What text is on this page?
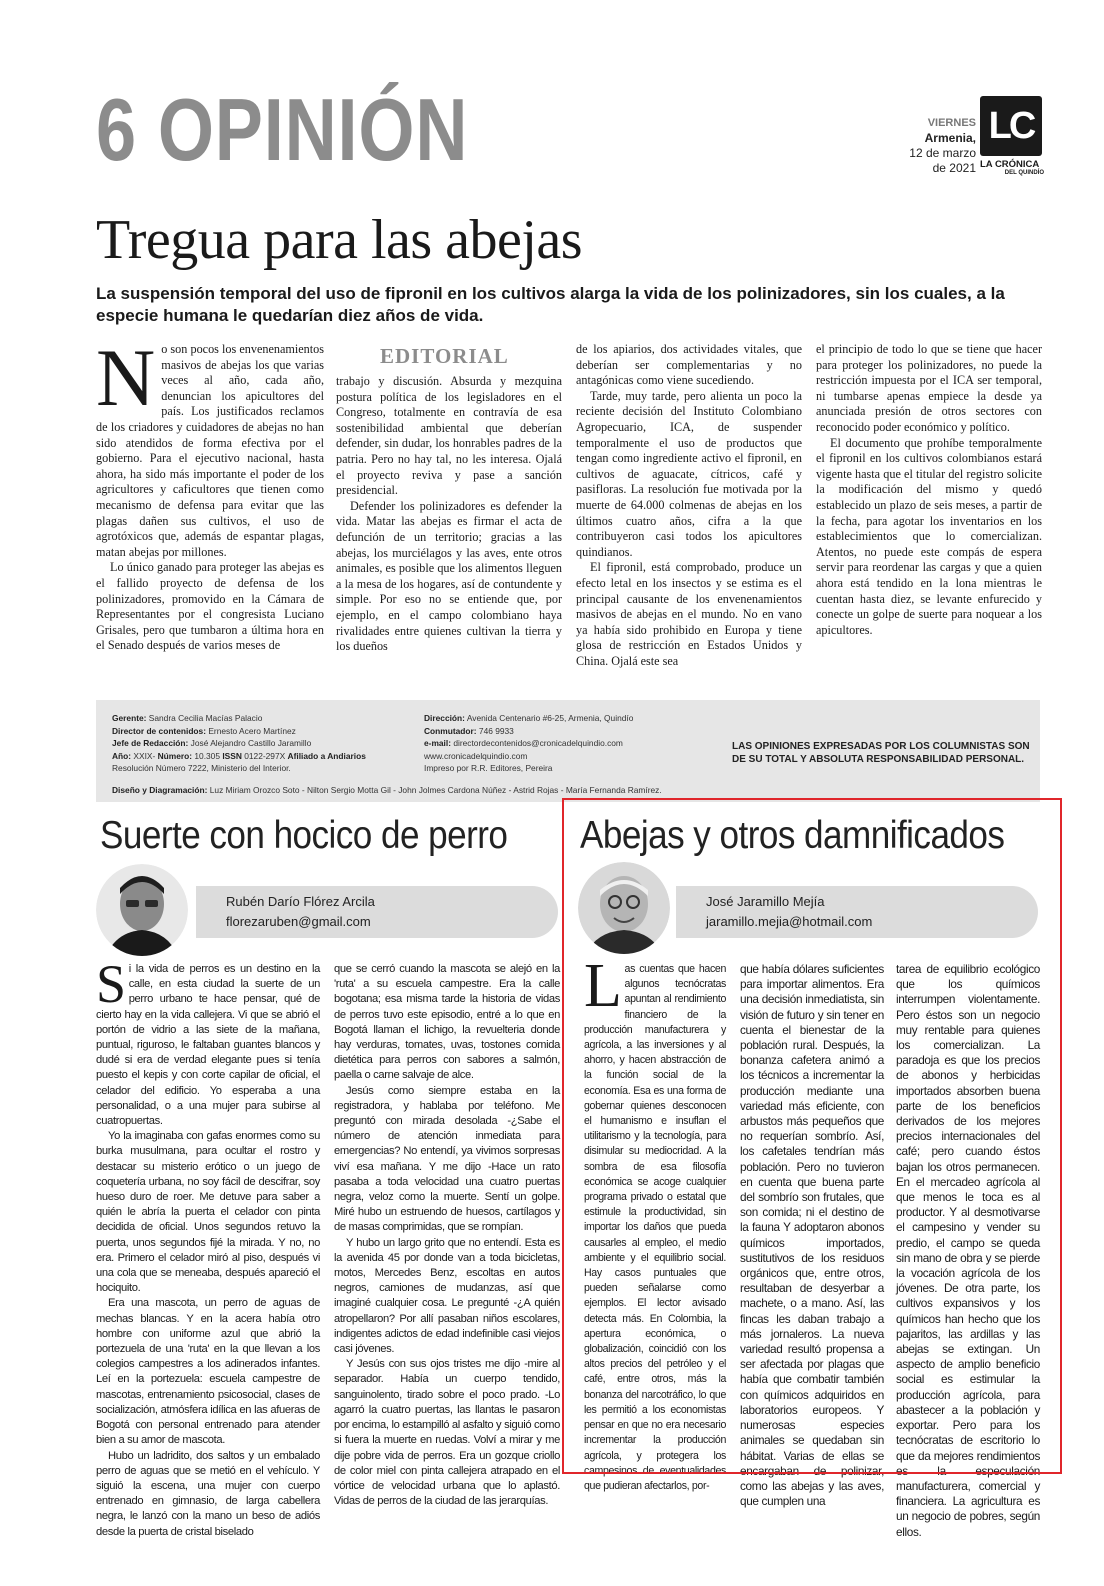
6 OPINIÓN	VIERNES
Armenia,
12 de marzo
de 2021
LC
LA CRÓNICA
DEL QUINDÍO
Tregua para las abejas
La suspensión temporal del uso de fipronil en los cultivos alarga la vida de los polinizadores, sin los cuales, a la especie humana le quedarían diez años de vida.
EDITORIAL

No son pocos los envenenamientos masivos de abejas los que varias veces al año, cada año, denuncian los apicultores del país. Los justificados reclamos de los criadores y cuidadores de abejas no han sido atendidos de forma efectiva por el gobierno. Para el ejecutivo nacional, hasta ahora, ha sido más importante el poder de los agricultores y caficultores que tienen como mecanismo de defensa para evitar que las plagas dañen sus cultivos, el uso de agrotóxicos que, además de espantar plagas, matan abejas por millones.

Lo único ganado para proteger las abejas es el fallido proyecto de defensa de los polinizadores, promovido en la Cámara de Representantes por el congresista Luciano Grisales, pero que tumbaron a última hora en el Senado después de varios meses de

trabajo y discusión. Absurda y mezquina postura política de los legisladores en el Congreso, totalmente en contravía de esa sostenibilidad ambiental que deberían defender, sin dudar, los honrables padres de la patria. Pero no hay tal, no les interesa. Ojalá el proyecto reviva y pase a sanción presidencial.

Defender los polinizadores es defender la vida. Matar las abejas es firmar el acta de defunción de un territorio; gracias a las abejas, los murciélagos y las aves, ente otros animales, es posible que los alimentos lleguen a la mesa de los hogares, así de contundente y simple. Por eso no se entiende que, por ejemplo, en el campo colombiano haya rivalidades entre quienes cultivan la tierra y los dueños

de los apiarios, dos actividades vitales, que deberían ser complementarias y no antagónicas como viene sucediendo.

Tarde, muy tarde, pero alienta un poco la reciente decisión del Instituto Colombiano Agropecuario, ICA, de suspender temporalmente el uso de productos que tengan como ingrediente activo el fipronil, en cultivos de aguacate, cítricos, café y pasifloras. La resolución fue motivada por la muerte de 64.000 colmenas de abejas en los últimos cuatro años, cifra a la que contribuyeron casi todos los apicultores quindianos.

El fipronil, está comprobado, produce un efecto letal en los insectos y se estima es el principal causante de los envenenamientos masivos de abejas en el mundo. No en vano ya había sido prohibido en Europa y tiene glosa de restricción en Estados Unidos y China. Ojalá este sea

el principio de todo lo que se tiene que hacer para proteger los polinizadores, no puede la restricción impuesta por el ICA ser temporal, ni tumbarse apenas empiece la desde ya anunciada presión de otros sectores con reconocido poder económico y político.

El documento que prohíbe temporalmente el fipronil en los cultivos colombianos estará vigente hasta que el titular del registro solicite la modificación del mismo y quedó establecido un plazo de seis meses, a partir de la fecha, para agotar los inventarios en los establecimientos que lo comercializan. Atentos, no puede este compás de espera servir para reordenar las cargas y que a quien ahora está tendido en la lona mientras le cuentan hasta diez, se levante enfurecido y conecte un golpe de suerte para noquear a los apicultores.

Gerente: Sandra Cecilia Macías Palacio
Director de contenidos: Ernesto Acero Martínez
Jefe de Redacción: José Alejandro Castillo Jaramillo
Año: XXIX- Número: 10.305 ISSN 0122-297X Afiliado a Andiarios
Resolución Número 7222, Ministerio del Interior.
Dirección: Avenida Centenario #6-25, Armenia, Quindío
Conmutador: 746 9933
e-mail: directordecontenidos@cronicadelquindio.com
www.cronicadelquindio.com
Impreso por R.R. Editores, Pereira
LAS OPINIONES EXPRESADAS POR LOS COLUMNISTAS SON DE SU TOTAL Y ABSOLUTA RESPONSABILIDAD PERSONAL.
Diseño y Diagramación: Luz Miriam Orozco Soto - Nilton Sergio Motta Gil - John Jolmes Cardona Núñez - Astrid Rojas - María Fernanda Ramírez.
Suerte con hocico de perro
Rubén Darío Flórez Arcila
florezaruben@gmail.com

Si la vida de perros es un destino en la calle, en esta ciudad la suerte de un perro urbano te hace pensar, qué de cierto hay en la vida callejera. Vi que se abrió el portón de vidrio a las siete de la mañana, puntual, riguroso, le faltaban guantes blancos y dudé si era de verdad elegante pues si tenía puesto el kepis y con corte capilar de oficial, el celador del edificio. Yo esperaba a una personalidad, o a una mujer para subirse al cuatropuertas.

Yo la imaginaba con gafas enormes como su burka musulmana, para ocultar el rostro y destacar su misterio erótico o un juego de coquetería urbana, no soy fácil de descifrar, soy hueso duro de roer. Me detuve para saber a quién le abría la puerta el celador con pinta decidida de oficial. Unos segundos retuvo la puerta, unos segundos fijé la mirada. Y no, no era. Primero el celador miró al piso, después vi una cola que se meneaba, después apareció el hociquito.

Era una mascota, un perro de aguas de mechas blancas. Y en la acera había otro hombre con uniforme azul que abrió la portezuela de una 'ruta' en la que llevan a los colegios campestres a los adinerados infantes. Leí en la portezuela: escuela campestre de mascotas, entrenamiento psicosocial, clases de socialización, atmósfera idílica en las afueras de Bogotá con personal entrenado para atender bien a su amor de mascota.

Hubo un ladridito, dos saltos y un embalado perro de aguas que se metió en el vehículo. Y siguió la escena, una mujer con cuerpo entrenado en gimnasio, de larga cabellera negra, le lanzó con la mano un beso de adiós desde la puerta de cristal biselado

que se cerró cuando la mascota se alejó en la 'ruta' a su escuela campestre. Era la calle bogotana; esa misma tarde la historia de vidas de perros tuvo este episodio, entré a lo que en Bogotá llaman el lichigo, la revuelteria donde hay verduras, tomates, uvas, tostones comida dietética para perros con sabores a salmón, paella o carne salvaje de alce.

Jesús como siempre estaba en la registradora, y hablaba por teléfono. Me preguntó con mirada desolada -¿Sabe el número de atención inmediata para emergencias? No entendí, ya vivimos sorpresas viví esa mañana. Y me dijo -Hace un rato pasaba a toda velocidad una cuatro puertas negra, veloz como la muerte. Sentí un golpe. Miré hubo un estruendo de huesos, cartílagos y de masas comprimidas, que se rompían.

Y hubo un largo grito que no entendí. Esta es la avenida 45 por donde van a toda bicicletas, motos, Mercedes Benz, escoltas en autos negros, camiones de mudanzas, así que imaginé cualquier cosa. Le pregunté -¿A quién atropellaron? Por allí pasaban niños escolares, indigentes adictos de edad indefinible casi viejos casi jóvenes.

Y Jesús con sus ojos tristes me dijo -mire al separador. Había un cuerpo tendido, sanguinolento, tirado sobre el poco prado. -Lo agarró la cuatro puertas, las llantas le pasaron por encima, lo estampilló al asfalto y siguió como si fuera la muerte en ruedas. Volví a mirar y me dije pobre vida de perros. Era un gozque criollo de color miel con pinta callejera atrapado en el vórtice de velocidad urbana que lo aplastó. Vidas de perros de la ciudad de las jerarquías.

Abejas y otros damnificados
José Jaramillo Mejía
jaramillo.mejia@hotmail.com

Las cuentas que hacen algunos tecnócratas apuntan al rendimiento financiero de la producción manufacturera y agrícola, a las inversiones y al ahorro, y hacen abstracción de la función social de la economía. Esa es una forma de gobernar quienes desconocen el humanismo e insuflan el utilitarismo y la tecnología, para disimular su mediocridad. A la sombra de esa filosofía económica se acoge cualquier programa privado o estatal que estimule la productividad, sin importar los daños que pueda causarles al empleo, el medio ambiente y el equilibrio social. Hay casos puntuales que pueden señalarse como ejemplos. El lector avisado detecta más. En Colombia, la apertura económica, o globalización, coincidió con los altos precios del petróleo y el café, entre otros, más la bonanza del narcotráfico, lo que les permitió a los economistas pensar en que no era necesario incrementar la producción agrícola, y protegera los campesinos de eventualidades que pudieran afectarlos, por-

que había dólares suficientes para importar alimentos. Era una decisión inmediatista, sin visión de futuro y sin tener en cuenta el bienestar de la población rural. Después, la bonanza cafetera animó a los técnicos a incrementar la producción mediante una variedad más eficiente, con arbustos más pequeños que no requerían sombrío. Así, los cafetales tendrían más población. Pero no tuvieron en cuenta que buena parte del sombrío son frutales, que son comida; ni el destino de la fauna Y adoptaron abonos químicos importados, sustitutivos de los residuos orgánicos que, entre otros, resultaban de desyerbar a machete, o a mano. Así, las fincas les daban trabajo a más jornaleros. La nueva variedad resultó propensa a ser afectada por plagas que había que combatir también con químicos adquiridos en laboratorios europeos. Y numerosas especies animales se quedaban sin hábitat. Varias de ellas se encargaban de polinizar, como las abejas y las aves, que cumplen una

tarea de equilibrio ecológico que los químicos interrumpen violentamente. Pero éstos son un negocio muy rentable para quienes los comercializan. La paradoja es que los precios de abonos y herbicidas importados absorben buena parte de los beneficios derivados de los mejores precios internacionales del café; pero cuando éstos bajan los otros permanecen. En el mercadeo agrícola al que menos le toca es al productor. Y al desmotivarse el campesino y vender su predio, el campo se queda sin mano de obra y se pierde la vocación agrícola de los jóvenes. De otra parte, los cultivos expansivos y los químicos han hecho que los pajaritos, las ardillas y las abejas se extingan. Un aspecto de amplio beneficio social es estimular la producción agrícola, para abastecer a la población y exportar. Pero para los tecnócratas de escritorio lo que da mejores rendimientos es la especulación manufacturera, comercial y financiera. La agricultura es un negocio de pobres, según ellos.
